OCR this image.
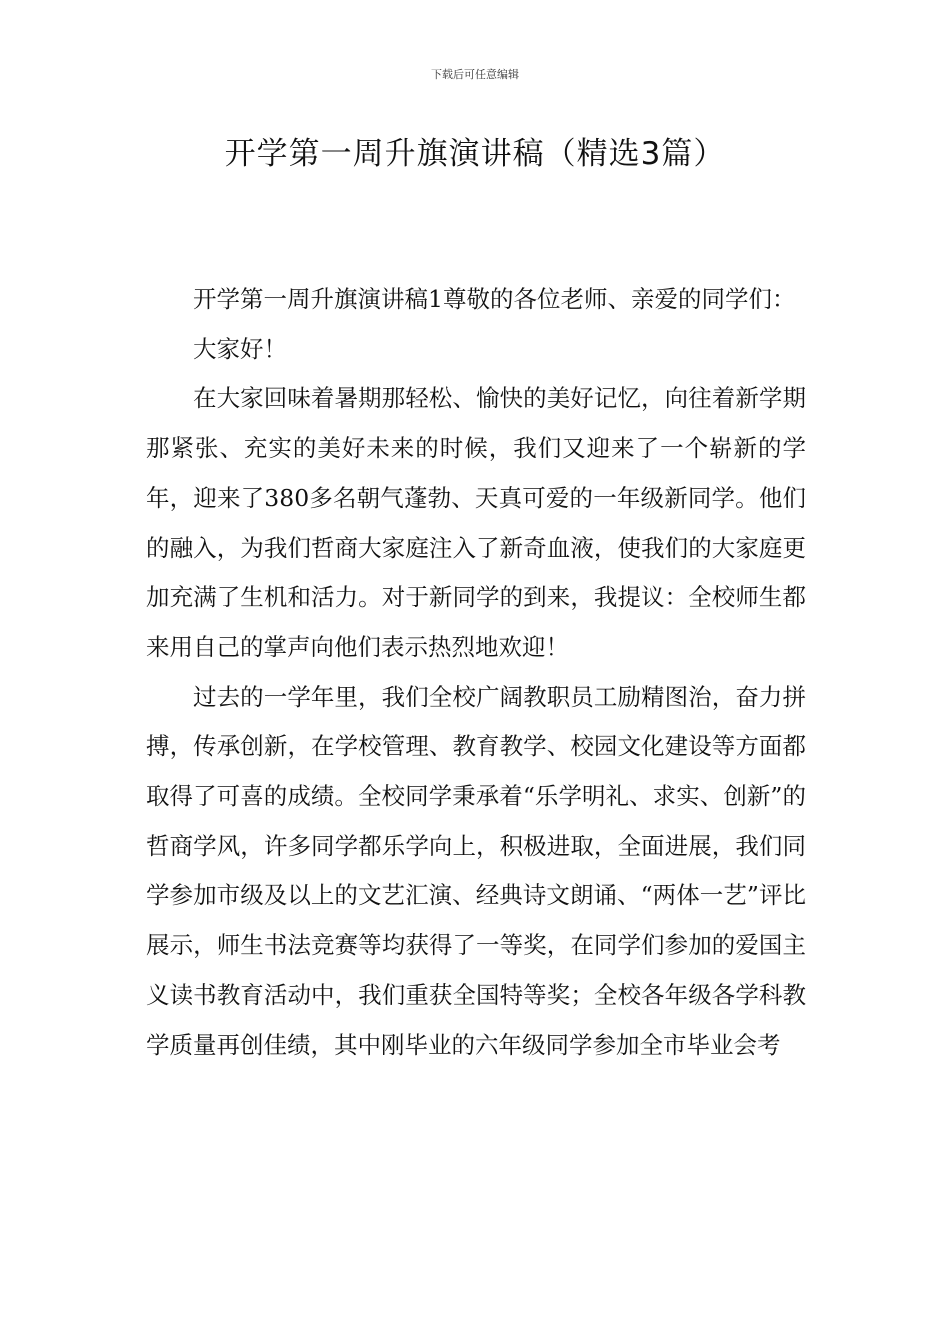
下载后可任意编辑
开学第一周升旗演讲稿（精选3篇）

开学第一周升旗演讲稿1尊敬的各位老师、亲爱的同学们：

大家好！

在大家回味着暑期那轻松、愉快的美好记忆，向往着新学期那紧张、充实的美好未来的时候，我们又迎来了一个崭新的学年，迎来了380多名朝气蓬勃、天真可爱的一年级新同学。他们的融入，为我们哲商大家庭注入了新奇血液，使我们的大家庭更加充满了生机和活力。对于新同学的到来，我提议：全校师生都来用自己的掌声向他们表示热烈地欢迎！

过去的一学年里，我们全校广阔教职员工励精图治，奋力拼搏，传承创新，在学校管理、教育教学、校园文化建设等方面都取得了可喜的成绩。全校同学秉承着“乐学明礼、求实、创新”的哲商学风，许多同学都乐学向上，积极进取，全面进展，我们同学参加市级及以上的文艺汇演、经典诗文朗诵、“两体一艺”评比展示，师生书法竞赛等均获得了一等奖，在同学们参加的爱国主义读书教育活动中，我们重获全国特等奖；全校各年级各学科教学质量再创佳绩，其中刚毕业的六年级同学参加全市毕业会考
